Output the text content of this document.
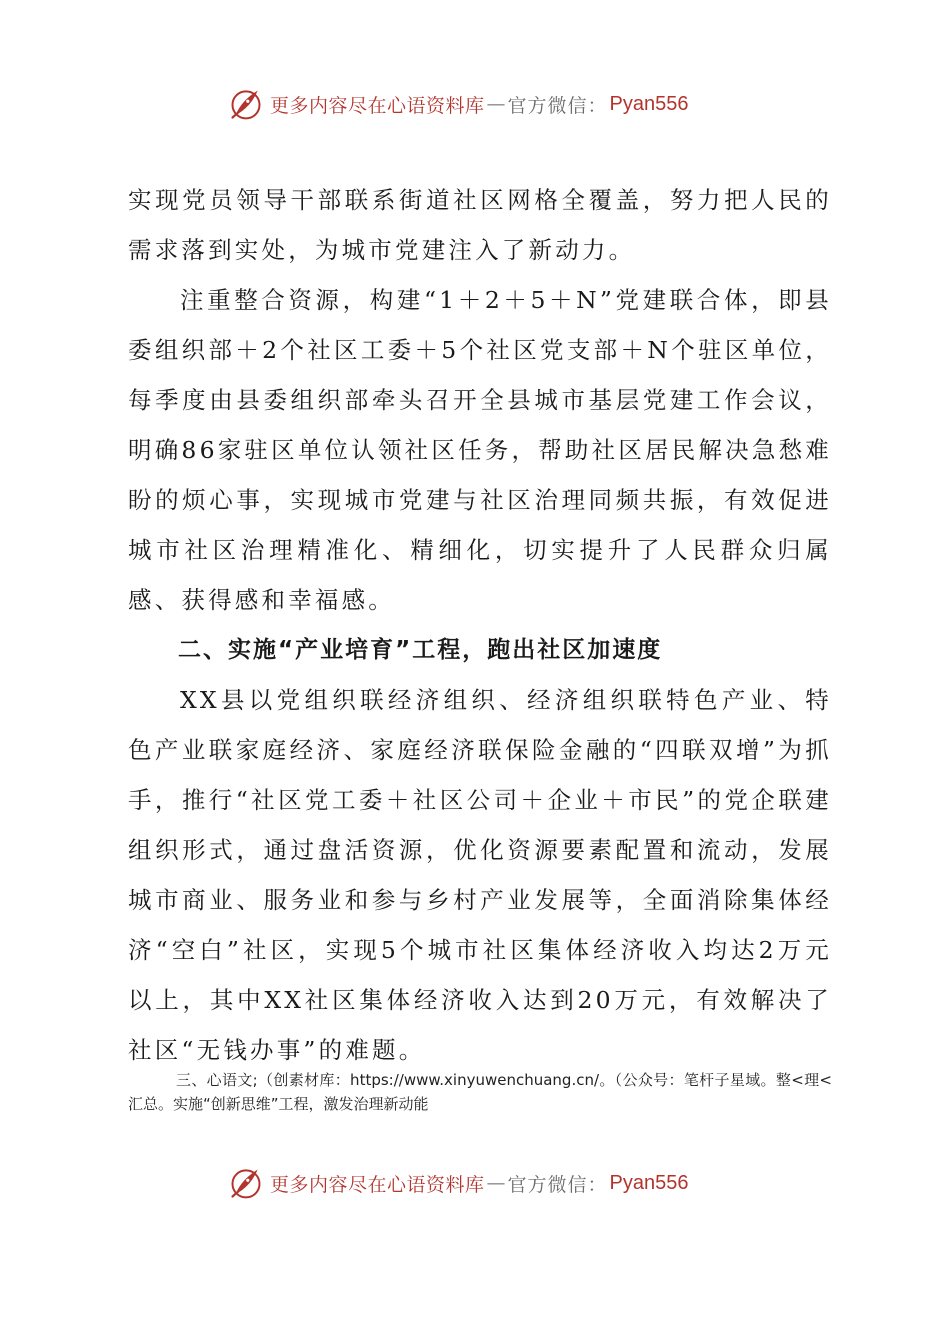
更多内容尽在心语资料库 — 官方微信： Pyan556

实现党员领导干部联系街道社区网格全覆盖，努力把人民的需求落到实处，为城市党建注入了新动力。

注重整合资源，构建“1＋2＋5＋N”党建联合体，即县委组织部＋2个社区工委＋5个社区党支部＋N个驻区单位，每季度由县委组织部牵头召开全县城市基层党建工作会议，明确86家驻区单位认领社区任务，帮助社区居民解决急愁难盼的烦心事，实现城市党建与社区治理同频共振，有效促进城市社区治理精准化、精细化，切实提升了人民群众归属感、获得感和幸福感。

二、实施“产业培育”工程，跑出社区加速度

XX县以党组织联经济组织、经济组织联特色产业、特色产业联家庭经济、家庭经济联保险金融的“四联双增”为抓手，推行“社区党工委＋社区公司＋企业＋市民”的党企联建组织形式，通过盘活资源，优化资源要素配置和流动，发展城市商业、服务业和参与乡村产业发展等，全面消除集体经济“空白”社区，实现5个城市社区集体经济收入均达2万元以上，其中XX社区集体经济收入达到20万元，有效解决了社区“无钱办事”的难题。

三、心语文;（创素材库：https://www.xinyuwenchuang.cn/。（公众号：笔杆子星域。整<理<汇总。实施“创新思维”工程，激发治理新动能
更多内容尽在心语资料库 — 官方微信： Pyan556
